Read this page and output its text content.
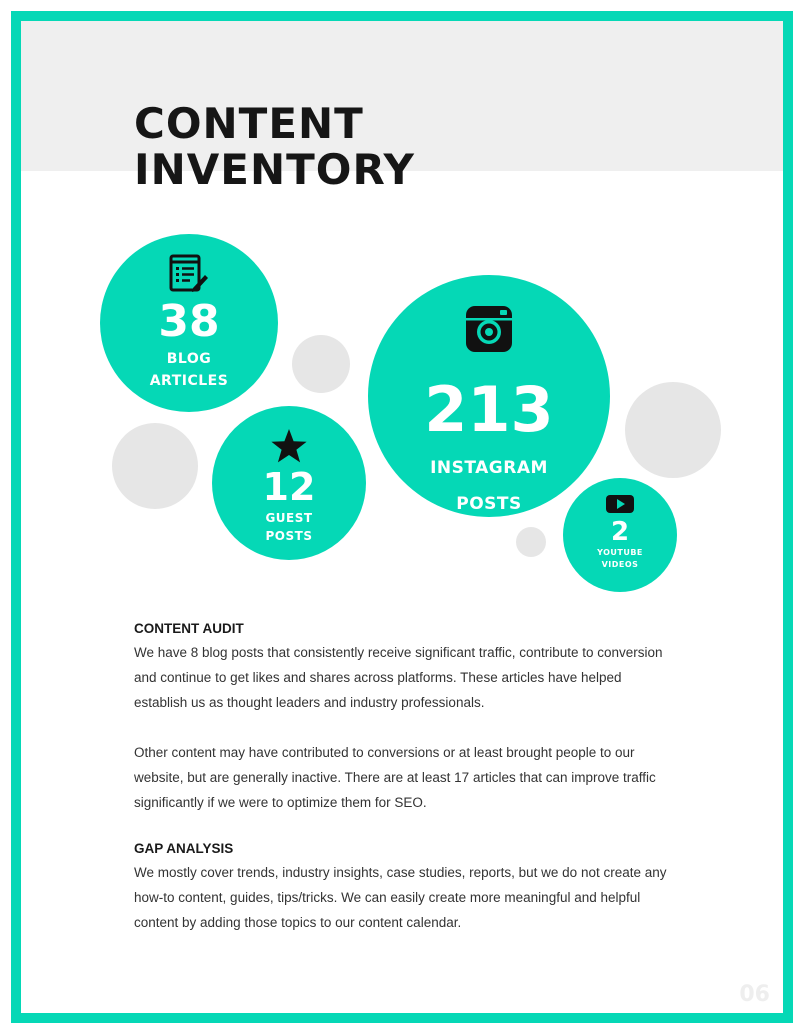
CONTENT
INVENTORY
38
BLOG
ARTICLES
12
GUEST
POSTS
213
INSTAGRAM
POSTS
2
YOUTUBE
VIDEOS
CONTENT AUDIT

We have 8 blog posts that consistently receive significant traffic, contribute to conversion and continue to get likes and shares across platforms. These articles have helped establish us as thought leaders and industry professionals.

Other content may have contributed to conversions or at least brought people to our website, but are generally inactive. There are at least 17 articles that can improve traffic significantly if we were to optimize them for SEO.

GAP ANALYSIS

We mostly cover trends, industry insights, case studies, reports, but we do not create any how-to content, guides, tips/tricks. We can easily create more meaningful and helpful content by adding those topics to our content calendar.

06
